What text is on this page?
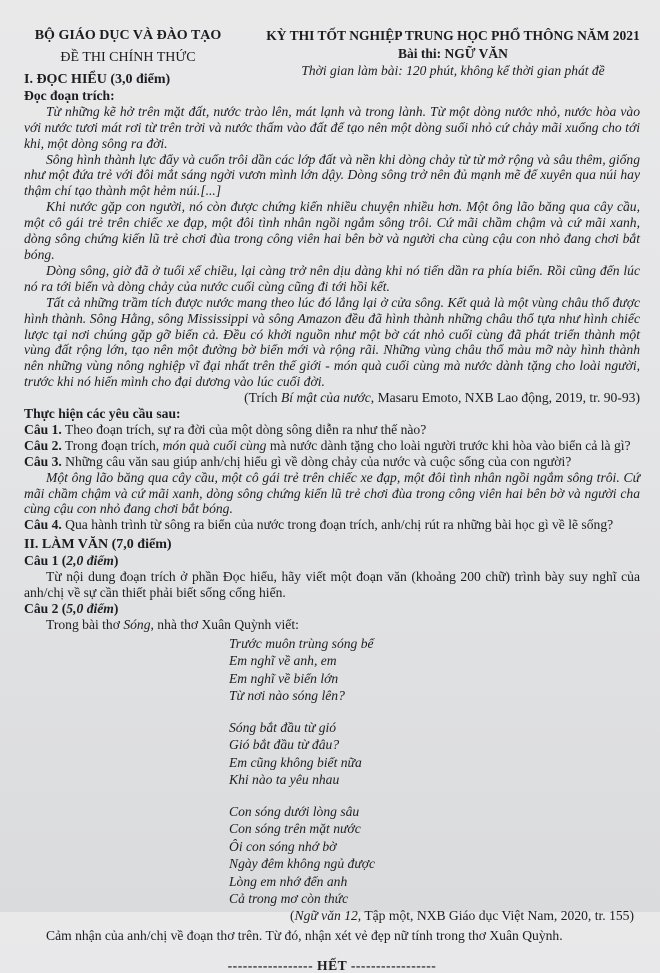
BỘ GIÁO DỤC VÀ ĐÀO TẠO
ĐỀ THI CHÍNH THỨC
KỲ THI TỐT NGHIỆP TRUNG HỌC PHỔ THÔNG NĂM 2021
Bài thi: NGỮ VĂN
Thời gian làm bài: 120 phút, không kể thời gian phát đề
I. ĐỌC HIỂU (3,0 điểm)
Đọc đoạn trích:

Từ những kẽ hở trên mặt đất, nước trào lên, mát lạnh và trong lành. Từ một dòng nước nhỏ, nước hòa vào với nước tươi mát rơi từ trên trời và nước thấm vào đất để tạo nên một dòng suối nhỏ cứ chảy mãi xuống cho tới khi, một dòng sông ra đời.

Sông hình thành lực đẩy và cuốn trôi dần các lớp đất và nền khi dòng chảy từ từ mở rộng và sâu thêm, giống như một đứa trẻ với đôi mắt sáng ngời vươn mình lớn dậy. Dòng sông trở nên đủ mạnh mẽ để xuyên qua núi hay thậm chí tạo thành một hẻm núi.[...]

Khi nước gặp con người, nó còn được chứng kiến nhiều chuyện nhiều hơn. Một ông lão băng qua cây cầu, một cô gái trẻ trên chiếc xe đạp, một đôi tình nhân ngồi ngắm sông trôi. Cứ mãi chầm chậm và cứ mãi xanh, dòng sông chứng kiến lũ trẻ chơi đùa trong công viên hai bên bờ và người cha cùng cậu con nhỏ đang chơi bắt bóng.

Dòng sông, giờ đã ở tuổi xế chiều, lại càng trở nên dịu dàng khi nó tiến dần ra phía biển. Rồi cũng đến lúc nó ra tới biển và dòng chảy của nước cuối cùng cũng đi tới hồi kết.

Tất cả những trầm tích được nước mang theo lúc đó lắng lại ở cửa sông. Kết quả là một vùng châu thổ được hình thành. Sông Hằng, sông Mississippi và sông Amazon đều đã hình thành những châu thổ tựa như hình chiếc lược tại nơi chúng gặp gỡ biển cả. Đều có khởi nguồn như một bờ cát nhỏ cuối cùng đã phát triển thành một vùng đất rộng lớn, tạo nên một đường bờ biển mới và rộng rãi. Những vùng châu thổ màu mỡ này hình thành nên những vùng nông nghiệp vĩ đại nhất trên thế giới - món quà cuối cùng mà nước dành tặng cho loài người, trước khi nó hiến mình cho đại dương vào lúc cuối đời.

(Trích Bí mật của nước, Masaru Emoto, NXB Lao động, 2019, tr. 90-93)

Thực hiện các yêu cầu sau:

Câu 1. Theo đoạn trích, sự ra đời của một dòng sông diễn ra như thế nào?

Câu 2. Trong đoạn trích, món quà cuối cùng mà nước dành tặng cho loài người trước khi hòa vào biển cả là gì?

Câu 3. Những câu văn sau giúp anh/chị hiểu gì về dòng chảy của nước và cuộc sống của con người?

Một ông lão băng qua cây cầu, một cô gái trẻ trên chiếc xe đạp, một đôi tình nhân ngồi ngắm sông trôi. Cứ mãi chầm chậm và cứ mãi xanh, dòng sông chứng kiến lũ trẻ chơi đùa trong công viên hai bên bờ và người cha cùng cậu con nhỏ đang chơi bắt bóng.

Câu 4. Qua hành trình từ sông ra biển của nước trong đoạn trích, anh/chị rút ra những bài học gì về lẽ sống?

II. LÀM VĂN (7,0 điểm)
Câu 1 (2,0 điểm)

Từ nội dung đoạn trích ở phần Đọc hiểu, hãy viết một đoạn văn (khoảng 200 chữ) trình bày suy nghĩ của anh/chị về sự cần thiết phải biết sống cống hiến.

Câu 2 (5,0 điểm)

Trong bài thơ Sóng, nhà thơ Xuân Quỳnh viết:

Trước muôn trùng sóng bể
Em nghĩ về anh, em
Em nghĩ về biển lớn
Từ nơi nào sóng lên?
Sóng bắt đầu từ gió
Gió bắt đầu từ đâu?
Em cũng không biết nữa
Khi nào ta yêu nhau
Con sóng dưới lòng sâu
Con sóng trên mặt nước
Ôi con sóng nhớ bờ
Ngày đêm không ngủ được
Lòng em nhớ đến anh
Cả trong mơ còn thức

(Ngữ văn 12, Tập một, NXB Giáo dục Việt Nam, 2020, tr. 155)

Cảm nhận của anh/chị về đoạn thơ trên. Từ đó, nhận xét vẻ đẹp nữ tính trong thơ Xuân Quỳnh.

----------------- HẾT -----------------
